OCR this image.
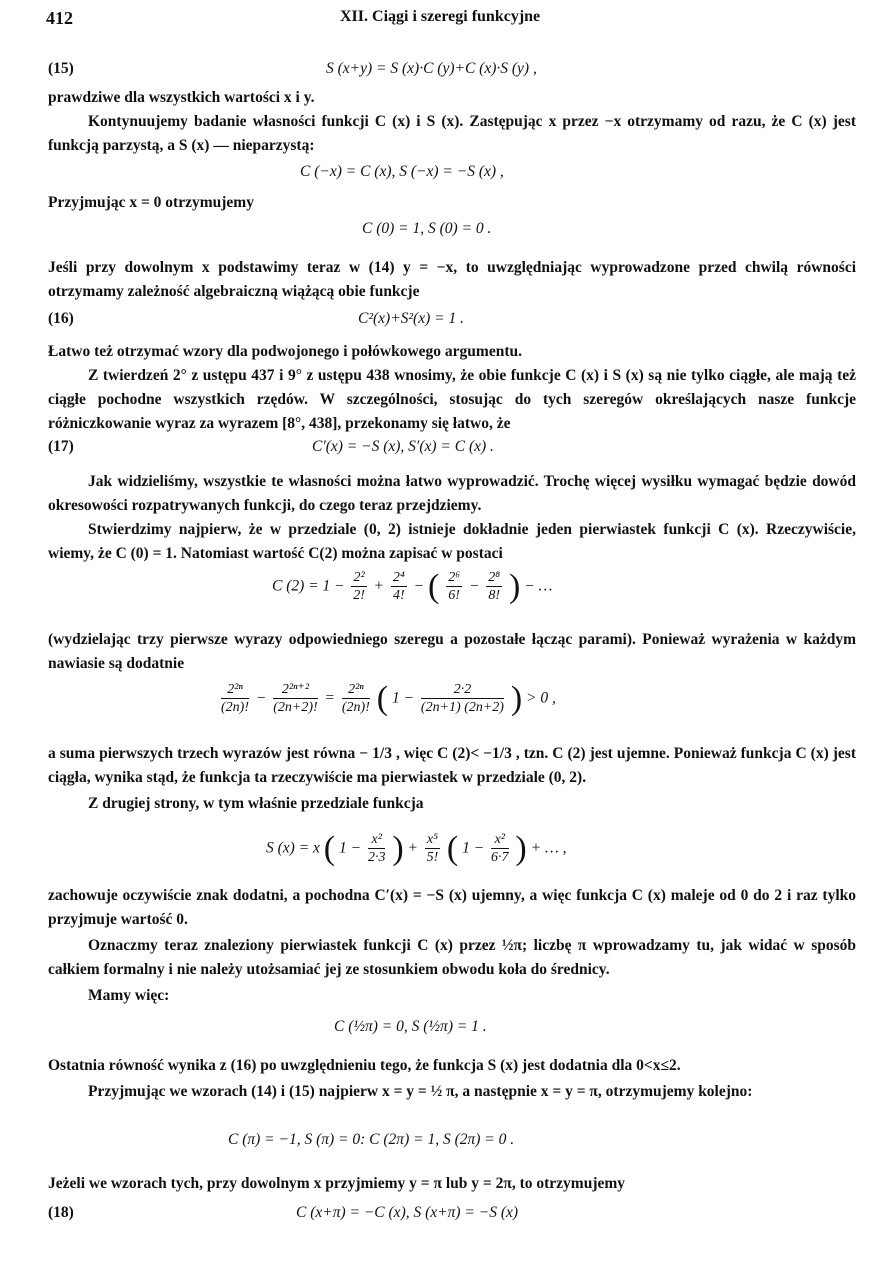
412	XII. Ciągi i szeregi funkcyjne
(15)	S (x+y) = S (x)·C (y)+C (x)·S (y) ,
prawdziwe dla wszystkich wartości x i y.
Kontynuujemy badanie własności funkcji C (x) i S (x). Zastępując x przez −x otrzymamy od razu, że C (x) jest funkcją parzystą, a S (x) — nieparzystą:
C (−x) = C (x), S (−x) = −S (x) ,
Przyjmując x = 0 otrzymujemy
C (0) = 1, S (0) = 0 .
Jeśli przy dowolnym x podstawimy teraz w (14) y = −x, to uwzględniając wyprowadzone przed chwilą równości otrzymamy zależność algebraiczną wiążącą obie funkcje
(16)	C²(x)+S²(x) = 1 .
Łatwo też otrzymać wzory dla podwojonego i połówkowego argumentu.
Z twierdzeń 2° z ustępu 437 i 9° z ustępu 438 wnosimy, że obie funkcje C (x) i S (x) są nie tylko ciągłe, ale mają też ciągłe pochodne wszystkich rzędów. W szczególności, stosując do tych szeregów określających nasze funkcje różniczkowanie wyraz za wyrazem [8°, 438], przekonamy się łatwo, że
(17)	C′(x) = −S (x), S′(x) = C (x) .
Jak widzieliśmy, wszystkie te własności można łatwo wyprowadzić. Trochę więcej wysiłku wymagać będzie dowód okresowości rozpatrywanych funkcji, do czego teraz przejdziemy.
Stwierdzimy najpierw, że w przedziale (0, 2) istnieje dokładnie jeden pierwiastek funkcji C (x). Rzeczywiście, wiemy, że C (0) = 1. Natomiast wartość C(2) można zapisać w postaci
C $(2) = 1 - \frac{\text{2²}}{2!} + \frac{\text{2⁴}}{4!}$ − ( $\frac{\text{2⁶}}{6!} - \frac{\text{2⁸}}{8!}$ ) − …
(wydzielając trzy pierwsze wyrazy odpowiedniego szeregu a pozostałe łącząc parami). Ponieważ wyrażenia w każdym nawiasie są dodatnie
$\frac{\text{2²ⁿ}}{(2n)!} - \frac{\text{2²ⁿ⁺²}}{(2n+2)!} = \frac{\text{2²ⁿ}}{(2n)!}$ ( $1 - \frac{2\cdot 2}{(2n+1) (2n+2)}$ ) > 0 ,
a suma pierwszych trzech wyrazów jest równa − 1/3 , więc C (2)< −1/3 , tzn. C (2) jest ujemne. Ponieważ funkcja C (x) jest ciągła, wynika stąd, że funkcja ta rzeczywiście ma pierwiastek w przedziale (0, 2).
Z drugiej strony, w tym właśnie przedziale funkcja
S (x) = x ( $1 - \frac{\text{x²}}{2\cdot 3}$ ) + $\frac{\text{x⁵}}{5!}$ ( $1 - \frac{\text{x²}}{6\cdot 7}$ ) + … ,
zachowuje oczywiście znak dodatni, a pochodna C′(x) = −S (x) ujemny, a więc funkcja C (x) maleje od 0 do 2 i raz tylko przyjmuje wartość 0.
Oznaczmy teraz znaleziony pierwiastek funkcji C (x) przez ½π; liczbę π wprowadzamy tu, jak widać w sposób całkiem formalny i nie należy utożsamiać jej ze stosunkiem obwodu koła do średnicy.
Mamy więc:
C (½π) = 0, S (½π) = 1 .
Ostatnia równość wynika z (16) po uwzględnieniu tego, że funkcja S (x) jest dodatnia dla 0<x≤2.
Przyjmując we wzorach (14) i (15) najpierw x = y = ½ π, a następnie x = y = π, otrzymujemy kolejno:
C (π) = −1, S (π) = 0: C (2π) = 1, S (2π) = 0 .
Jeżeli we wzorach tych, przy dowolnym x przyjmiemy y = π lub y = 2π, to otrzymujemy
(18)	C (x+π) = −C (x), S (x+π) = −S (x)
